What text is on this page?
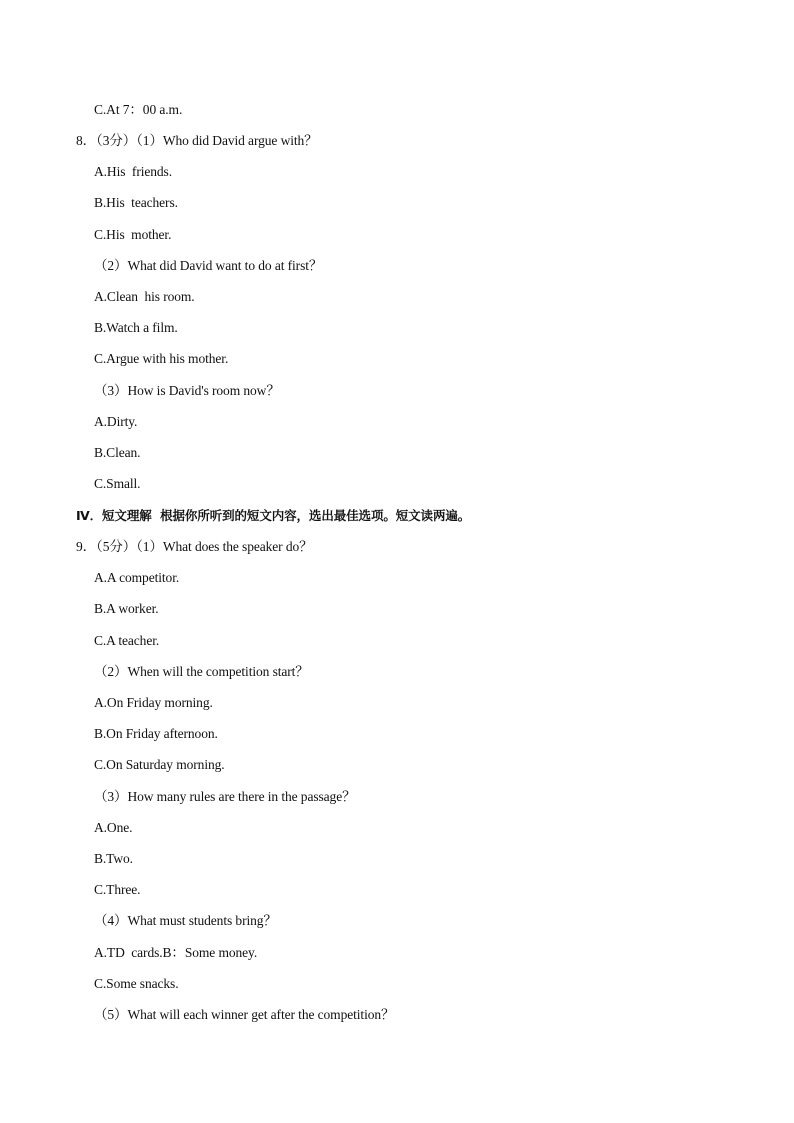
C.At 7：00 a.m.
8．（3分）（1）Who did David argue with？
A.His  friends.
B.His  teachers.
C.His  mother.
（2）What did David want to do at first？
A.Clean  his room.
B.Watch a film.
C.Argue with his mother.
（3）How is David's room now？
A.Dirty.
B.Clean.
C.Small.
Ⅳ．短文理解  根据你所听到的短文内容，选出最佳选项。短文读两遍。
9．（5分）（1）What does the speaker do？
A.A competitor.
B.A worker.
C.A teacher.
（2）When will the competition start？
A.On Friday morning.
B.On Friday afternoon.
C.On Saturday morning.
（3）How many rules are there in the passage？
A.One.
B.Two.
C.Three.
（4）What must students bring？
A.TD  cards.B：Some money.
C.Some snacks.
（5）What will each winner get after the competition？
